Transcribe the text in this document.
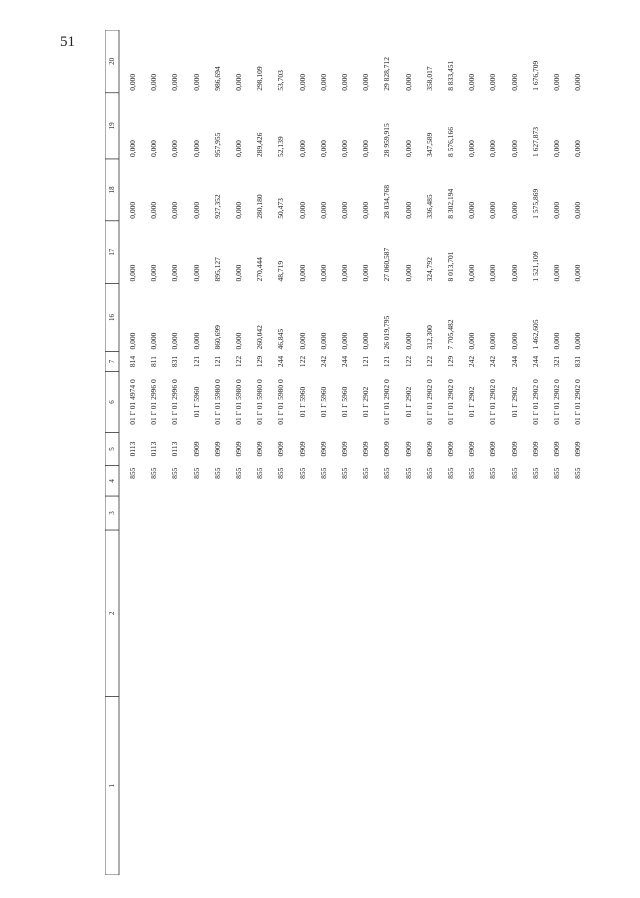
51
1
2
3
4
5
6
7
16
17
18
19
20
855
0113
01 Г 01 4974 0
814
0,000
0,000
0,000
0,000
0,000
855
0113
01 Г 01 2996 0
811
0,000
0,000
0,000
0,000
0,000
855
0113
01 Г 01 2996 0
831
0,000
0,000
0,000
0,000
0,000
855
0909
01 Г 5960
121
0,000
0,000
0,000
0,000
0,000
855
0909
01 Г 01 5980 0
121
860,699
895,127
927,352
957,955
986,694
855
0909
01 Г 01 5980 0
122
0,000
0,000
0,000
0,000
0,000
855
0909
01 Г 01 5980 0
129
260,042
270,444
280,180
289,426
298,109
855
0909
01 Г 01 5980 0
244
46,845
48,719
50,473
52,139
53,703
855
0909
01 Г 5960
122
0,000
0,000
0,000
0,000
0,000
855
0909
01 Г 5960
242
0,000
0,000
0,000
0,000
0,000
855
0909
01 Г 5960
244
0,000
0,000
0,000
0,000
0,000
855
0909
01 Г 2902
121
0,000
0,000
0,000
0,000
0,000
855
0909
01 Г 01 2902 0
121
26 019,795
27 060,587
28 034,768
28 959,915
29 828,712
855
0909
01 Г 2902
122
0,000
0,000
0,000
0,000
0,000
855
0909
01 Г 01 2902 0
122
312,300
324,792
336,485
347,589
358,017
855
0909
01 Г 01 2902 0
129
7 705,482
8 013,701
8 302,194
8 576,166
8 833,451
855
0909
01 Г 2902
242
0,000
0,000
0,000
0,000
0,000
855
0909
01 Г 01 2902 0
242
0,000
0,000
0,000
0,000
0,000
855
0909
01 Г 2902
244
0,000
0,000
0,000
0,000
0,000
855
0909
01 Г 01 2902 0
244
1 462,605
1 521,109
1 575,869
1 627,873
1 676,709
855
0909
01 Г 01 2902 0
321
0,000
0,000
0,000
0,000
0,000
855
0909
01 Г 01 2902 0
831
0,000
0,000
0,000
0,000
0,000
